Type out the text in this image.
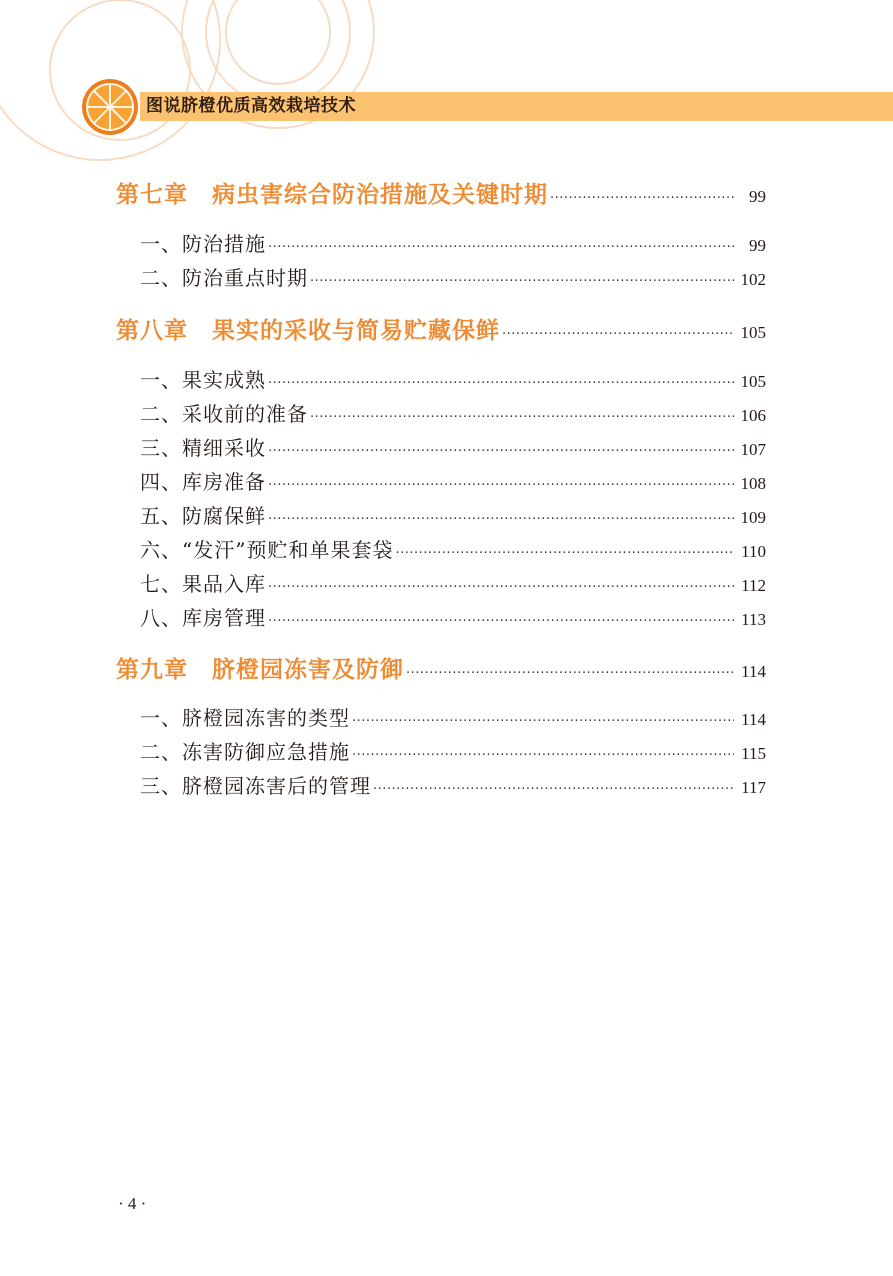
图说脐橙优质高效栽培技术
第七章　病虫害综合防治措施及关键时期 ·····	99
一、防治措施 ·····	99
二、防治重点时期 ·····	102
第八章　果实的采收与简易贮藏保鲜 ·····	105
一、果实成熟 ·····	105
二、采收前的准备 ·····	106
三、精细采收 ·····	107
四、库房准备 ·····	108
五、防腐保鲜 ·····	109
六、“发汗”预贮和单果套袋 ·····	110
七、果品入库 ·····	112
八、库房管理 ·····	113
第九章　脐橙园冻害及防御 ·····	114
一、脐橙园冻害的类型 ·····	114
二、冻害防御应急措施 ·····	115
三、脐橙园冻害后的管理 ·····	117
· 4 ·
